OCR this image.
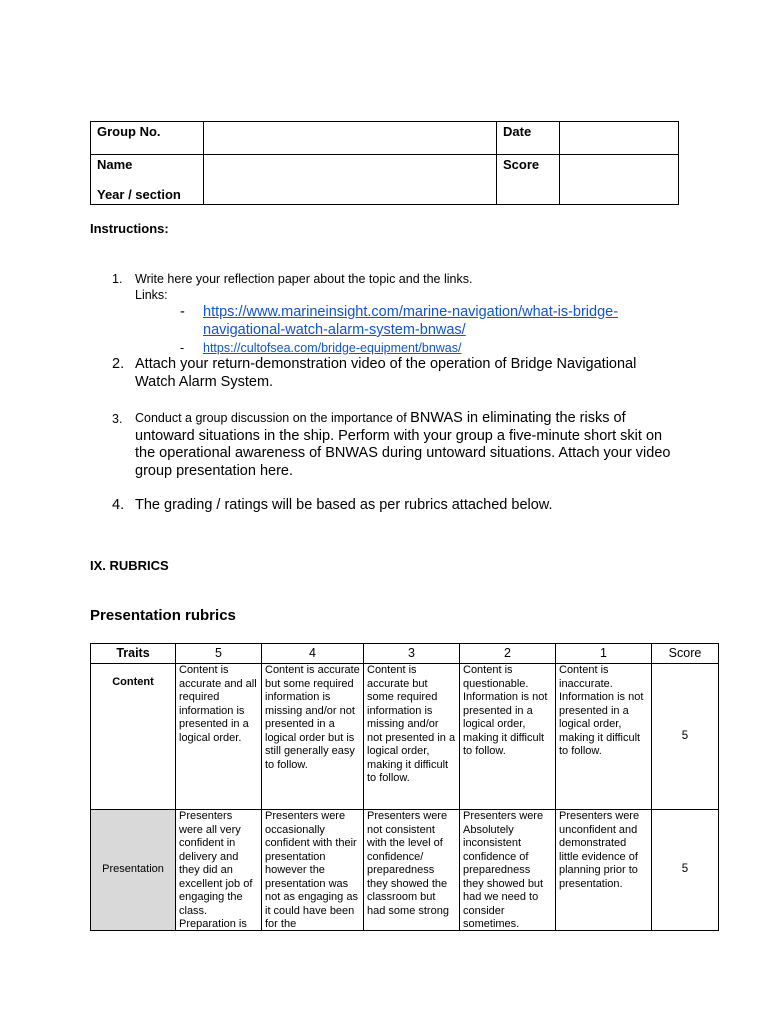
Group No.		Date	

Name
Year / section		Score	
Instructions:
1. Write here your reflection paper about the topic and the links.
Links:
- https://www.marineinsight.com/marine-navigation/what-is-bridge-
navigational-watch-alarm-system-bnwas/
- https://cultofsea.com/bridge-equipment/bnwas/
2. Attach your return-demonstration video of the operation of Bridge Navigational Watch Alarm System.
3. Conduct a group discussion on the importance of BNWAS in eliminating the risks of untoward situations in the ship. Perform with your group a five-minute short skit on the operational awareness of BNWAS during untoward situations. Attach your video group presentation here.
4. The grading / ratings will be based as per rubrics attached below.
IX. RUBRICS
Presentation rubrics
Traits	5	4	3	2	1	Score
Content	Content is accurate and all required information is presented in a logical order.	Content is accurate but some required information is missing and/or not presented in a logical order but is still generally easy to follow.	Content is accurate but some required information is missing and/or not presented in a logical order, making it difficult to follow.	Content is questionable. Information is not presented in a logical order, making it difficult to follow.	Content is inaccurate. Information is not presented in a logical order, making it difficult to follow.	5
Presentation	Presenters were all very confident in delivery and they did an excellent job of engaging the class. Preparation is	Presenters were occasionally confident with their presentation however the presentation was not as engaging as it could have been for the	Presenters were not consistent with the level of confidence/ preparedness they showed the classroom but had some strong	Presenters were Absolutely inconsistent confidence of preparedness they showed but had we need to consider sometimes.	Presenters were unconfident and demonstrated little evidence of planning prior to presentation.	5
